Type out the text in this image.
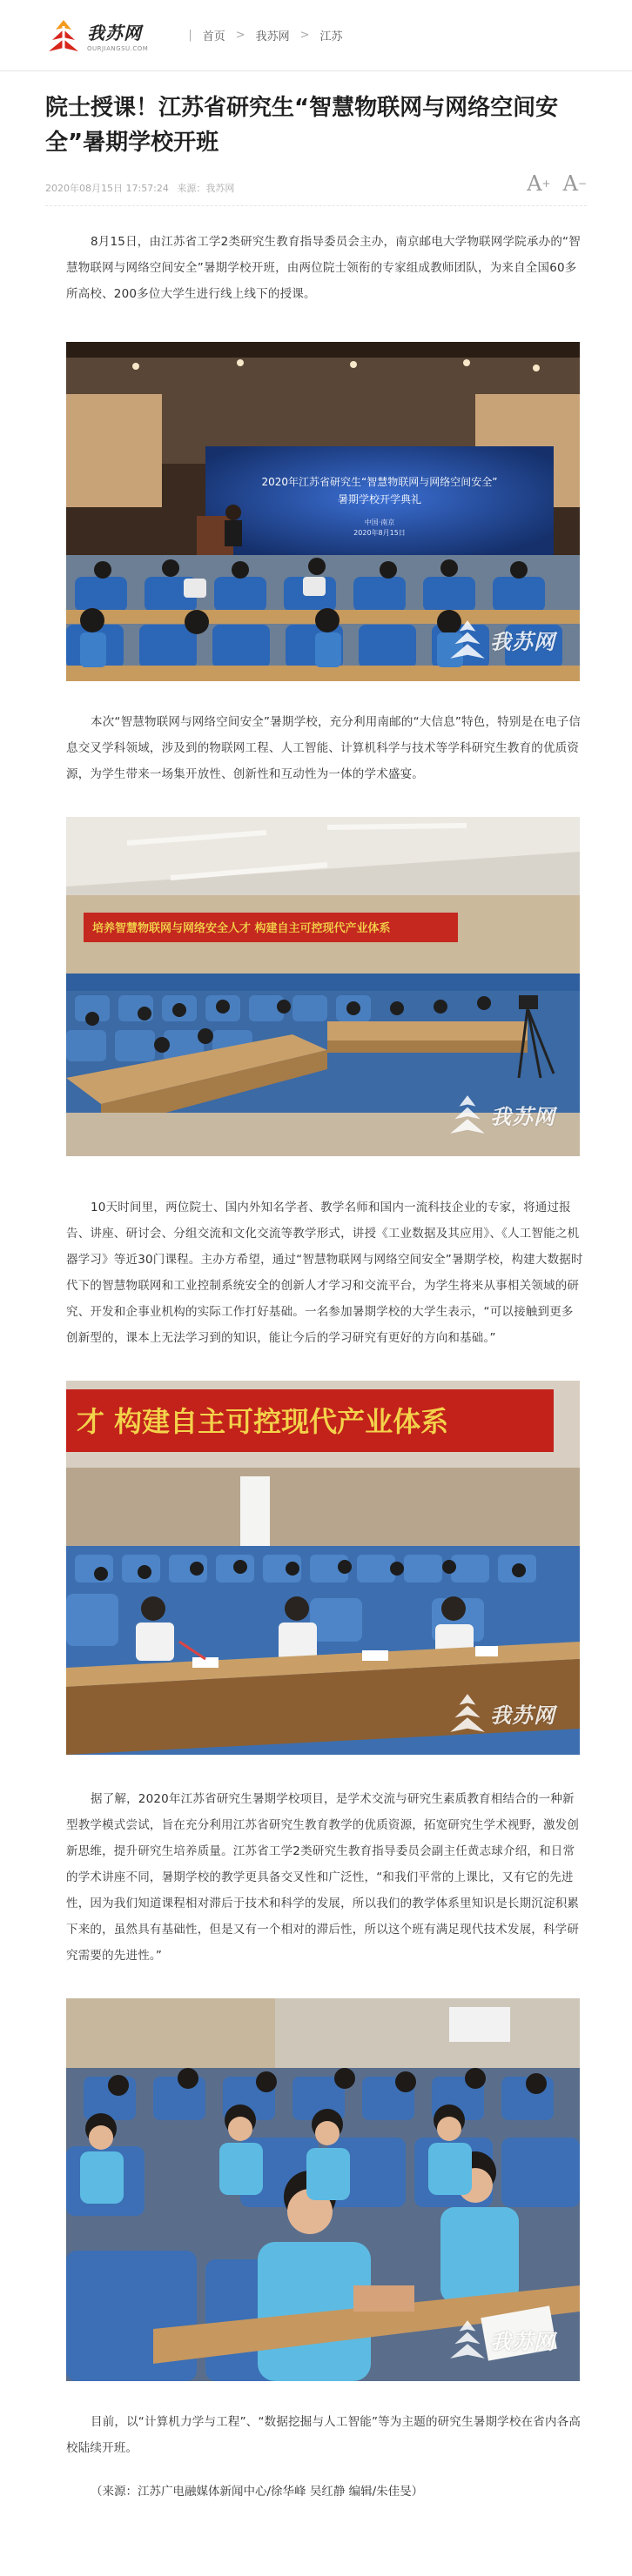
我苏网
OURJIANGSU.COM
| 首页 > 我苏网 > 江苏
院士授课！江苏省研究生“智慧物联网与网络空间安全”暑期学校开班
2020年08月15日 17:57:24 来源：我苏网	A+ A−

8月15日，由江苏省工学2类研究生教育指导委员会主办，南京邮电大学物联网学院承办的“智慧物联网与网络空间安全”暑期学校开班，由两位院士领衔的专家组成教师团队，为来自全国60多所高校、200多位大学生进行线上线下的授课。

2020年江苏省研究生“智慧物联网与网络空间安全”
暑期学校开学典礼
中国·南京
2020年8月15日
我苏网

本次“智慧物联网与网络空间安全”暑期学校，充分利用南邮的“大信息”特色，特别是在电子信息交叉学科领域，涉及到的物联网工程、人工智能、计算机科学与技术等学科研究生教育的优质资源，为学生带来一场集开放性、创新性和互动性为一体的学术盛宴。

培养智慧物联网与网络安全人才 构建自主可控现代产业体系
我苏网

10天时间里，两位院士、国内外知名学者、教学名师和国内一流科技企业的专家，将通过报告、讲座、研讨会、分组交流和文化交流等教学形式，讲授《工业数据及其应用》、《人工智能之机器学习》等近30门课程。主办方希望，通过“智慧物联网与网络空间安全”暑期学校，构建大数据时代下的智慧物联网和工业控制系统安全的创新人才学习和交流平台，为学生将来从事相关领域的研究、开发和企事业机构的实际工作打好基础。一名参加暑期学校的大学生表示，“可以接触到更多创新型的，课本上无法学习到的知识，能让今后的学习研究有更好的方向和基础。”

才 构建自主可控现代产业体系
我苏网

据了解，2020年江苏省研究生暑期学校项目，是学术交流与研究生素质教育相结合的一种新型教学模式尝试，旨在充分利用江苏省研究生教育教学的优质资源，拓宽研究生学术视野，激发创新思维，提升研究生培养质量。江苏省工学2类研究生教育指导委员会副主任黄志球介绍，和日常的学术讲座不同，暑期学校的教学更具备交叉性和广泛性，“和我们平常的上课比，又有它的先进性，因为我们知道课程相对滞后于技术和科学的发展，所以我们的教学体系里知识是长期沉淀积累下来的，虽然具有基础性，但是又有一个相对的滞后性，所以这个班有满足现代技术发展，科学研究需要的先进性。”

我苏网

目前，以“计算机力学与工程”、“数据挖掘与人工智能”等为主题的研究生暑期学校在省内各高校陆续开班。

（来源：江苏广电融媒体新闻中心/徐华峰 吴红静 编辑/朱佳旻）
